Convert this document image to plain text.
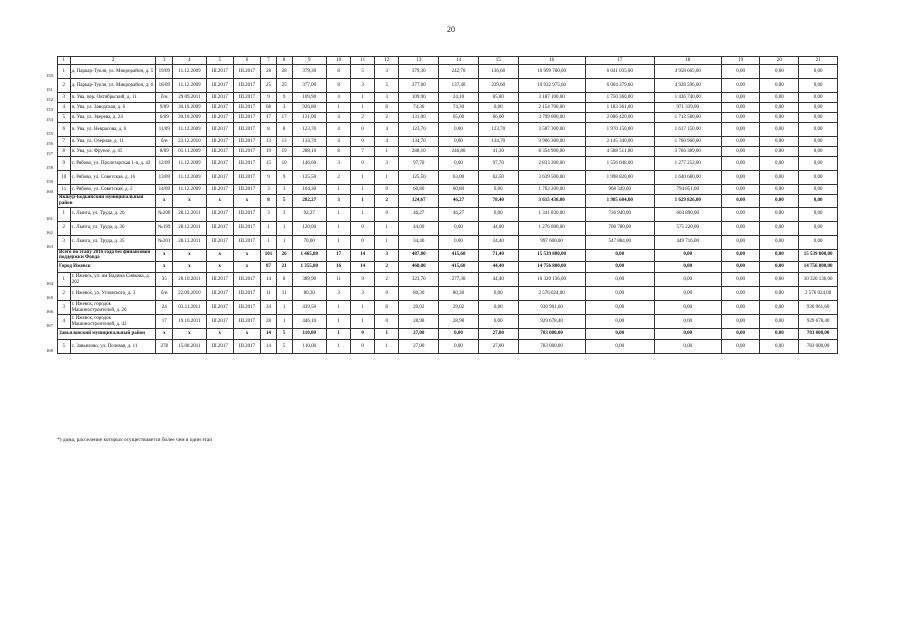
20
	1	2	3	4	5	6	7	8	9	10	11	12	13	14	15	16	17	18	19	20	21
150	1	д. Паркар-Тукля, ул. Микрорайон, д. 5	19/09	11.12.2009	III.2017	III.2017	28	28	379,30	8	5	3	379,30	242,70	136,60	10 999 700,00	6 041 035,00	4 958 665,00	0,00	0,00	0,00
151	2	д. Паркар-Тукля, ул. Микрорайон, д. 6	18/09	11.12.2009	III.2017	III.2017	25	25	377,00	8	3	5	377,00	137,40	239,60	10 932 975,60	6 004 379,60	4 928 596,00	0,00	0,00	0,00
152	3	п. Ува, пер. Октябрьский, д. 11	б/н	29.09.2011	III.2017	III.2017	9	9	109,90	4	1	3	109,90	24,10	85,80	3 187 100,00	1 750 360,00	1 436 740,00	0,00	0,00	0,00
153	4	п. Ува, ул. Заводская, д. 6	9/09	30.10.2009	III.2017	III.2017	68	3	926,80	1	1	0	74,30	74,30	0,00	2 154 700,00	1 183 361,00	971 339,00	0,00	0,00	0,00
154	5	п. Ува, ул. Зверева, д. 24	6/09	30.10.2009	III.2017	III.2017	17	17	131,00	4	2	2	131,00	65,00	66,00	3 799 000,00	2 086 420,00	1 712 580,00	0,00	0,00	0,00
155	6	п. Ува, ул. Некрасова, д. 6	11/09	11.12.2009	III.2017	III.2017	8	8	123,70	4	0	4	123,70	0,00	123,70	3 587 300,00	1 970 150,00	1 617 150,00	0,00	0,00	0,00
156	7	п. Ува, ул. Озерная, д. 11	б/н	23.12.2010	III.2017	III.2017	13	13	134,70	4	0	4	134,70	0,00	134,70	3 906 300,00	2 145 340,00	1 760 960,00	0,00	0,00	0,00
157	8	п. Ува, ул. Фрунзе, д. 45	8/09	01.11.2009	III.2017	III.2017	19	19	288,10	8	7	1	288,10	246,80	41,30	8 354 900,00	4 588 511,00	3 766 389,00	0,00	0,00	0,00
158	9	с. Рябово, ул. Пролетарская 1-я, д. 42	12/09	11.12.2009	III.2017	III.2017	15	10	146,60	3	0	3	97,70	0,00	97,70	2 833 300,00	1 556 048,00	1 277 252,00	0,00	0,00	0,00
159	10	с. Рябово, ул. Советская, д. 16	13/09	11.12.2009	III.2017	III.2017	9	9	125,50	2	1	1	125,50	63,00	62,50	3 639 500,00	1 998 820,00	1 640 680,00	0,00	0,00	0,00
160	11	с. Рябово, ул. Советская, д. 2	14/09	11.12.2009	III.2017	III.2017	3	3	104,30	1	1	0	60,80	60,80	0,00	1 763 200,00	968 349,00	794 851,00	0,00	0,00	0,00
	Якшур-Бодьинский муниципальный район		x	x	x	x	8	5	282,27	3	1	2	124,67	46,27	78,40	3 615 430,00	1 985 604,00	1 629 826,00	0,00	0,00	0,00
161	1	с. Лынга, ул. Труда, д. 26	№200	28.12.2011	III.2017	III.2017	3	3	92,27	1	1	0	46,27	46,27	0,00	1 341 830,00	736 940,00	604 890,00	0,00	0,00	0,00
162	2	с. Лынга, ул. Труда, д. 30	№199	28.12.2011	III.2017	III.2017	1	1	120,00	1	0	1	44,00	0,00	44,00	1 276 000,00	700 780,00	575 220,00	0,00	0,00	0,00
163	3	с. Лынга, ул. Труда, д. 35	№201	28.12.2011	III.2017	III.2017	1	1	70,00	1	0	1	34,40	0,00	34,40	997 600,00	547 884,00	449 716,00	0,00	0,00	0,00
	Всего по этапу 2016 года без финансовой поддержки Фонда		x	x	x	x	101	26	1 465,80	17	14	3	487,00	415,60	71,40	15 539 800,00	0,00	0,00	0,00	0,00	15 539 800,00
	Город Ижевск		x	x	x	x	87	21	1 355,80	16	14	2	460,00	415,60	44,40	14 756 800,00	0,00	0,00	0,00	0,00	14 756 800,00
164	1	г. Ижевск, ул. им Вадима Сивкова, д. 202	35	20.10.2011	III.2017	III.2017	14	8	389,90	11	9	2	323,70	277,30	44,40	10 320 136,00	0,00	0,00	0,00	0,00	10 320 136,00
165	2	г. Ижевск, ул. Угловского, д. 3	б/н	22.09.2010	III.2017	III.2017	11	11	80,30	3	3	0	80,30	80,30	0,00	2 576 024,00	0,00	0,00	0,00	0,00	2 576 024,00
166	3	г. Ижевск, городок Машиностроителей, д. 20	24	03.11.2011	III.2017	III.2017	34	1	439,50	1	1	0	29,02	29,02	0,00	930 961,60	0,00	0,00	0,00	0,00	930 961,60
167	4	г. Ижевск, городок Машиностроителей, д. 43	17	19.10.2011	III.2017	III.2017	28	1	446,10	1	1	0	28,98	28,98	0,00	929 678,40	0,00	0,00	0,00	0,00	929 678,40
	Завьяловский муниципальный район		x	x	x	x	14	5	110,00	1	0	1	27,00	0,00	27,00	783 000,00	0,00	0,00	0,00	0,00	783 000,00
168	5	с. Завьялово, ул. Полевая, д. 11	278	15.08.2011	III.2017	III.2017	14	5	110,00	1	0	1	27,00	0,00	27,00	783 000,00	0,00	0,00	0,00	0,00	783 000,00
*) дома, расселение которых осуществляется более чем в один этап
